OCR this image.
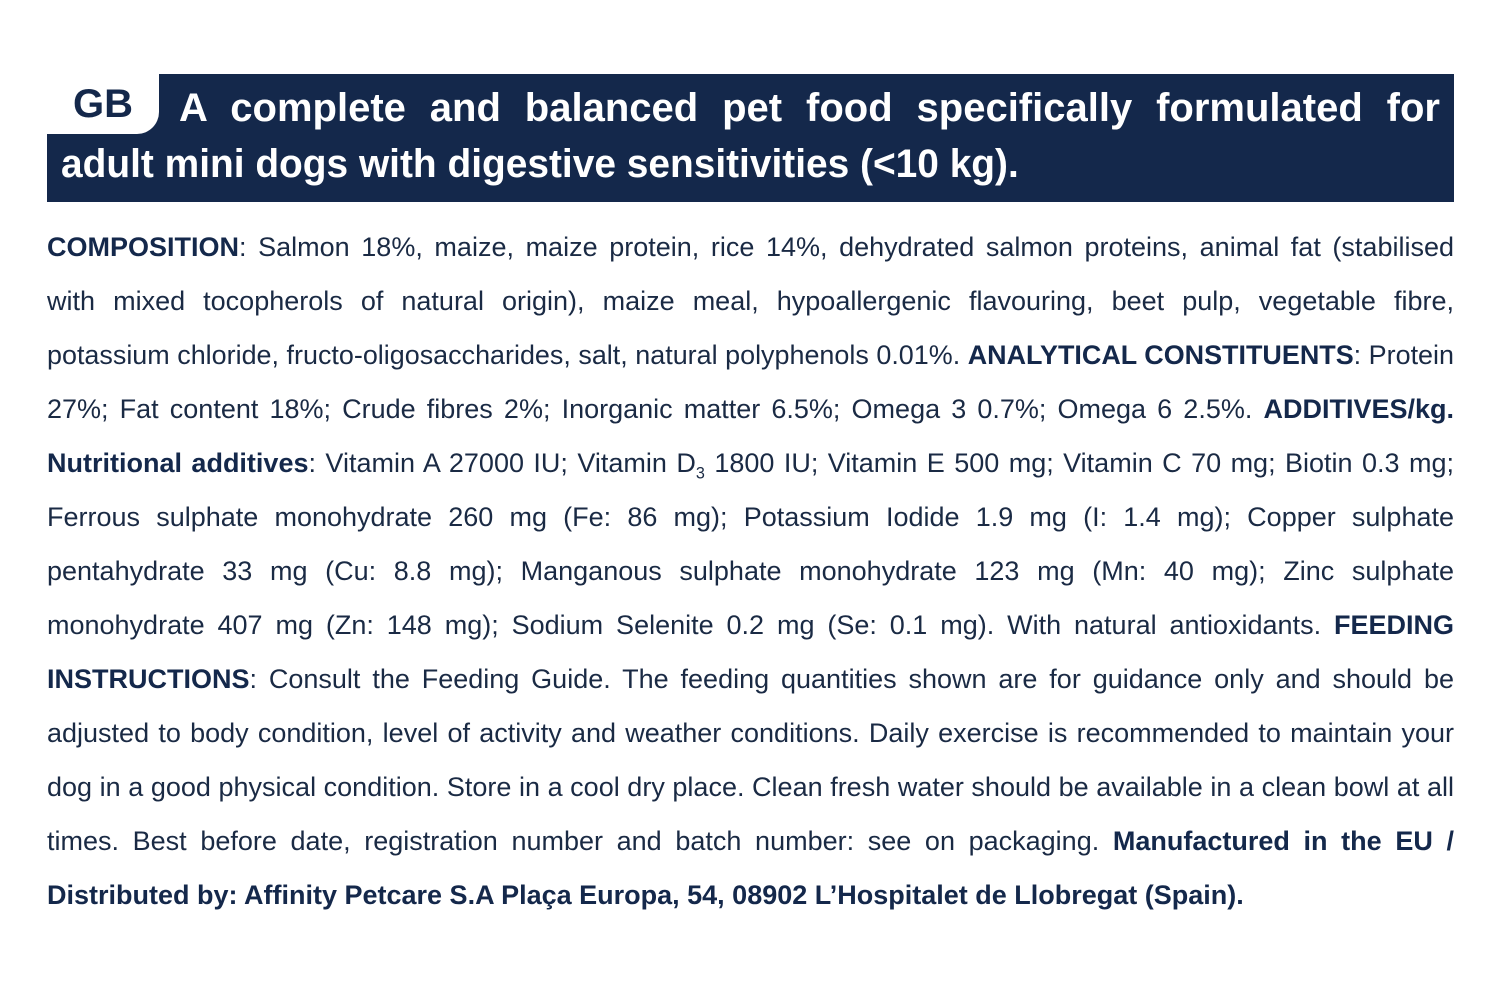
GB	A complete and balanced pet food specifically formulated for
adult mini dogs with digestive sensitivities (<10 kg).
COMPOSITION: Salmon 18%, maize, maize protein, rice 14%, dehydrated salmon proteins, animal fat (stabilised
with mixed tocopherols of natural origin), maize meal, hypoallergenic flavouring, beet pulp, vegetable fibre,
potassium chloride, fructo-oligosaccharides, salt, natural polyphenols 0.01%. ANALYTICAL CONSTITUENTS: Protein
27%; Fat content 18%; Crude fibres 2%; Inorganic matter 6.5%; Omega 3 0.7%; Omega 6 2.5%. ADDITIVES/kg.
Nutritional additives: Vitamin A 27000 IU; Vitamin $D_3$ 1800 IU; Vitamin E 500 mg; Vitamin C 70 mg; Biotin 0.3 mg;
Ferrous sulphate monohydrate 260 mg (Fe: 86 mg); Potassium Iodide 1.9 mg (I: 1.4 mg); Copper sulphate
pentahydrate 33 mg (Cu: 8.8 mg); Manganous sulphate monohydrate 123 mg (Mn: 40 mg); Zinc sulphate
monohydrate 407 mg (Zn: 148 mg); Sodium Selenite 0.2 mg (Se: 0.1 mg). With natural antioxidants. FEEDING
INSTRUCTIONS: Consult the Feeding Guide. The feeding quantities shown are for guidance only and should be
adjusted to body condition, level of activity and weather conditions. Daily exercise is recommended to maintain your
dog in a good physical condition. Store in a cool dry place. Clean fresh water should be available in a clean bowl at all
times. Best before date, registration number and batch number: see on packaging. Manufactured in the EU /
Distributed by: Affinity Petcare S.A Plaça Europa, 54, 08902 L’Hospitalet de Llobregat (Spain).
